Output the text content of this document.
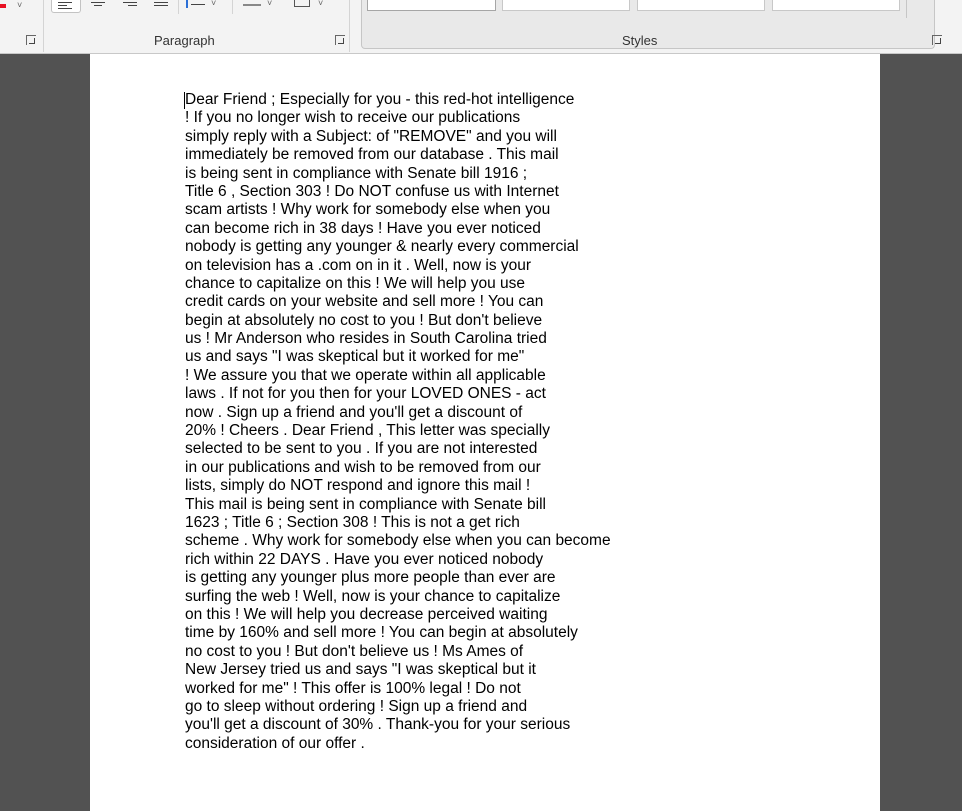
˅	˅	˅	˅
Paragraph	Styles
Dear Friend ; Especially for you - this red-hot intelligence
! If you no longer wish to receive our publications
simply reply with a Subject: of "REMOVE" and you will
immediately be removed from our database . This mail
is being sent in compliance with Senate bill 1916 ;
Title 6 , Section 303 ! Do NOT confuse us with Internet
scam artists ! Why work for somebody else when you
can become rich in 38 days ! Have you ever noticed
nobody is getting any younger & nearly every commercial
on television has a .com on in it . Well, now is your
chance to capitalize on this ! We will help you use
credit cards on your website and sell more ! You can
begin at absolutely no cost to you ! But don't believe
us ! Mr Anderson who resides in South Carolina tried
us and says "I was skeptical but it worked for me"
! We assure you that we operate within all applicable
laws . If not for you then for your LOVED ONES - act
now . Sign up a friend and you'll get a discount of
20% ! Cheers . Dear Friend , This letter was specially
selected to be sent to you . If you are not interested
in our publications and wish to be removed from our
lists, simply do NOT respond and ignore this mail !
This mail is being sent in compliance with Senate bill
1623 ; Title 6 ; Section 308 ! This is not a get rich
scheme . Why work for somebody else when you can become
rich within 22 DAYS . Have you ever noticed nobody
is getting any younger plus more people than ever are
surfing the web ! Well, now is your chance to capitalize
on this ! We will help you decrease perceived waiting
time by 160% and sell more ! You can begin at absolutely
no cost to you ! But don't believe us ! Ms Ames of
New Jersey tried us and says "I was skeptical but it
worked for me" ! This offer is 100% legal ! Do not
go to sleep without ordering ! Sign up a friend and
you'll get a discount of 30% . Thank-you for your serious
consideration of our offer .
